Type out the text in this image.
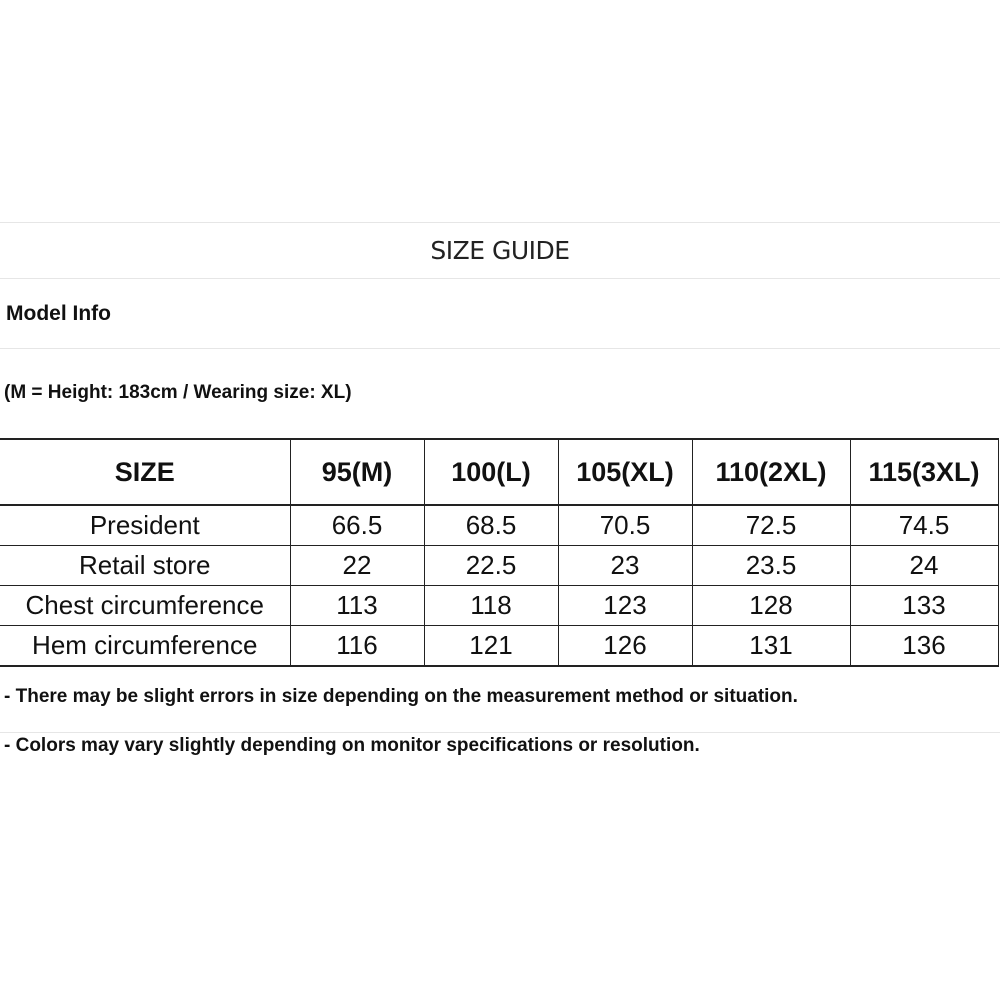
SIZE GUIDE
Model Info
(M = Height: 183cm / Wearing size: XL)
SIZE	95(M)	100(L)	105(XL)	110(2XL)	115(3XL)
President	66.5	68.5	70.5	72.5	74.5
Retail store	22	22.5	23	23.5	24
Chest circumference	113	118	123	128	133
Hem circumference	116	121	126	131	136
- There may be slight errors in size depending on the measurement method or situation.
- Colors may vary slightly depending on monitor specifications or resolution.
